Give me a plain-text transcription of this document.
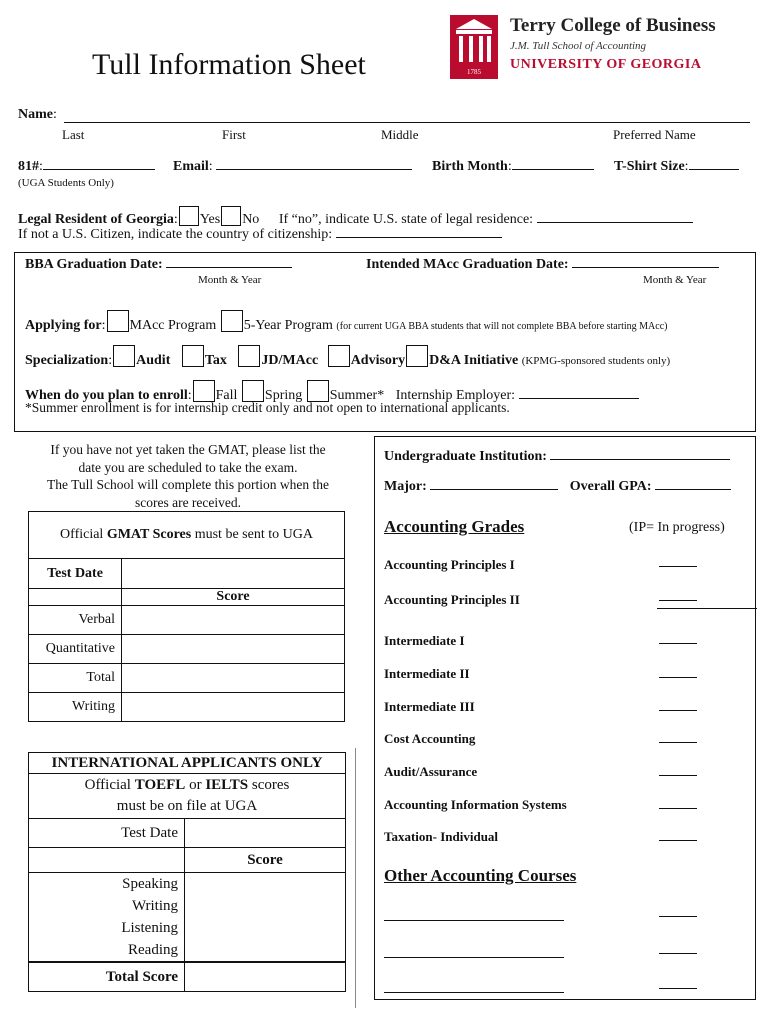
Tull Information Sheet	1785
Terry College of Business
J.M. Tull School of Accounting
UNIVERSITY OF GEORGIA
Name:
Last	First	Middle	Preferred Name
81#:
(UGA Students Only)
Email:	Birth Month:	T-Shirt Size:
Legal Resident of Georgia: Yes No If “no”, indicate U.S. state of legal residence:
If not a U.S. Citizen, indicate the country of citizenship:
BBA Graduation Date:
Month & Year
Intended MAcc Graduation Date:
Month & Year
Applying for: MAcc Program 5-Year Program (for current UGA BBA students that will not complete BBA before starting MAcc)
Specialization: Audit Tax JD/MAcc Advisory D&A Initiative (KPMG-sponsored students only)
When do you plan to enroll: Fall Spring Summer* Internship Employer:
*Summer enrollment is for internship credit only and not open to international applicants.
If you have not yet taken the GMAT, please list the
date you are scheduled to take the exam.
The Tull School will complete this portion when the
scores are received.
Official GMAT Scores must be sent to UGA	
Test Date	
	Score
Verbal	
Quantitative	
Total	
Writing	
INTERNATIONAL APPLICANTS ONLY	
Official TOEFL or IELTS scores
must be on file at UGA	
Test Date	
	Score
Speaking	
Writing	
Listening	
Reading	
Total Score	
Undergraduate Institution:
Major:	Overall GPA:
Accounting Grades	(IP= In progress)
Accounting Principles I
Accounting Principles II
Intermediate I
Intermediate II
Intermediate III
Cost Accounting
Audit/Assurance
Accounting Information Systems
Taxation- Individual
Other Accounting Courses
